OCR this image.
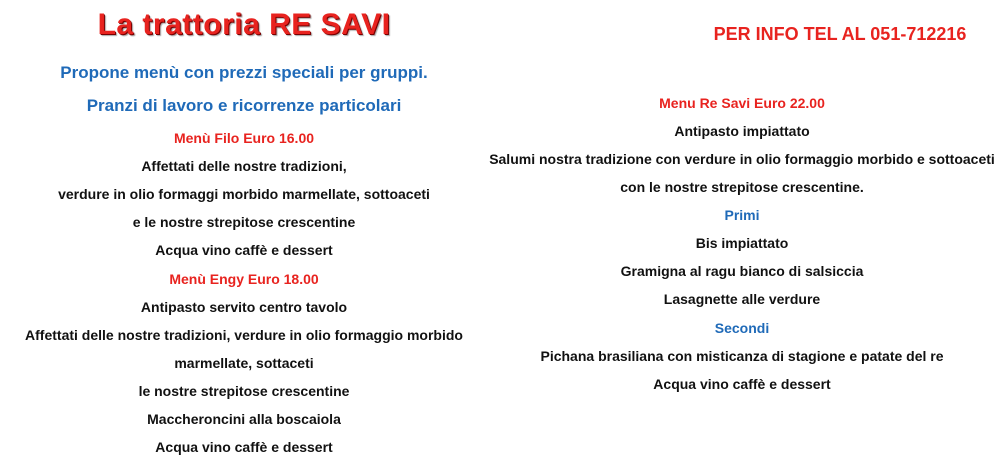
La trattoria RE SAVI	PER INFO TEL AL 051-712216
Propone menù con prezzi speciali per gruppi.
Pranzi di lavoro e ricorrenze particolari
Menù Filo Euro 16.00
Affettati delle nostre tradizioni,
verdure in olio formaggi morbido marmellate, sottoaceti
e le nostre strepitose crescentine
Acqua vino caffè e dessert
Menù Engy Euro 18.00
Antipasto servito centro tavolo
Affettati delle nostre tradizioni, verdure in olio formaggio morbido
marmellate, sottaceti
le nostre strepitose crescentine
Maccheroncini alla boscaiola
Acqua vino caffè e dessert
Menu Re Savi Euro 22.00
Antipasto impiattato
Salumi nostra tradizione con verdure in olio formaggio morbido e sottoaceti
con le nostre strepitose crescentine.
Primi
Bis impiattato
Gramigna al ragu bianco di salsiccia
Lasagnette alle verdure
Secondi
Pichana brasiliana con misticanza di stagione e patate del re
Acqua vino caffè e dessert
